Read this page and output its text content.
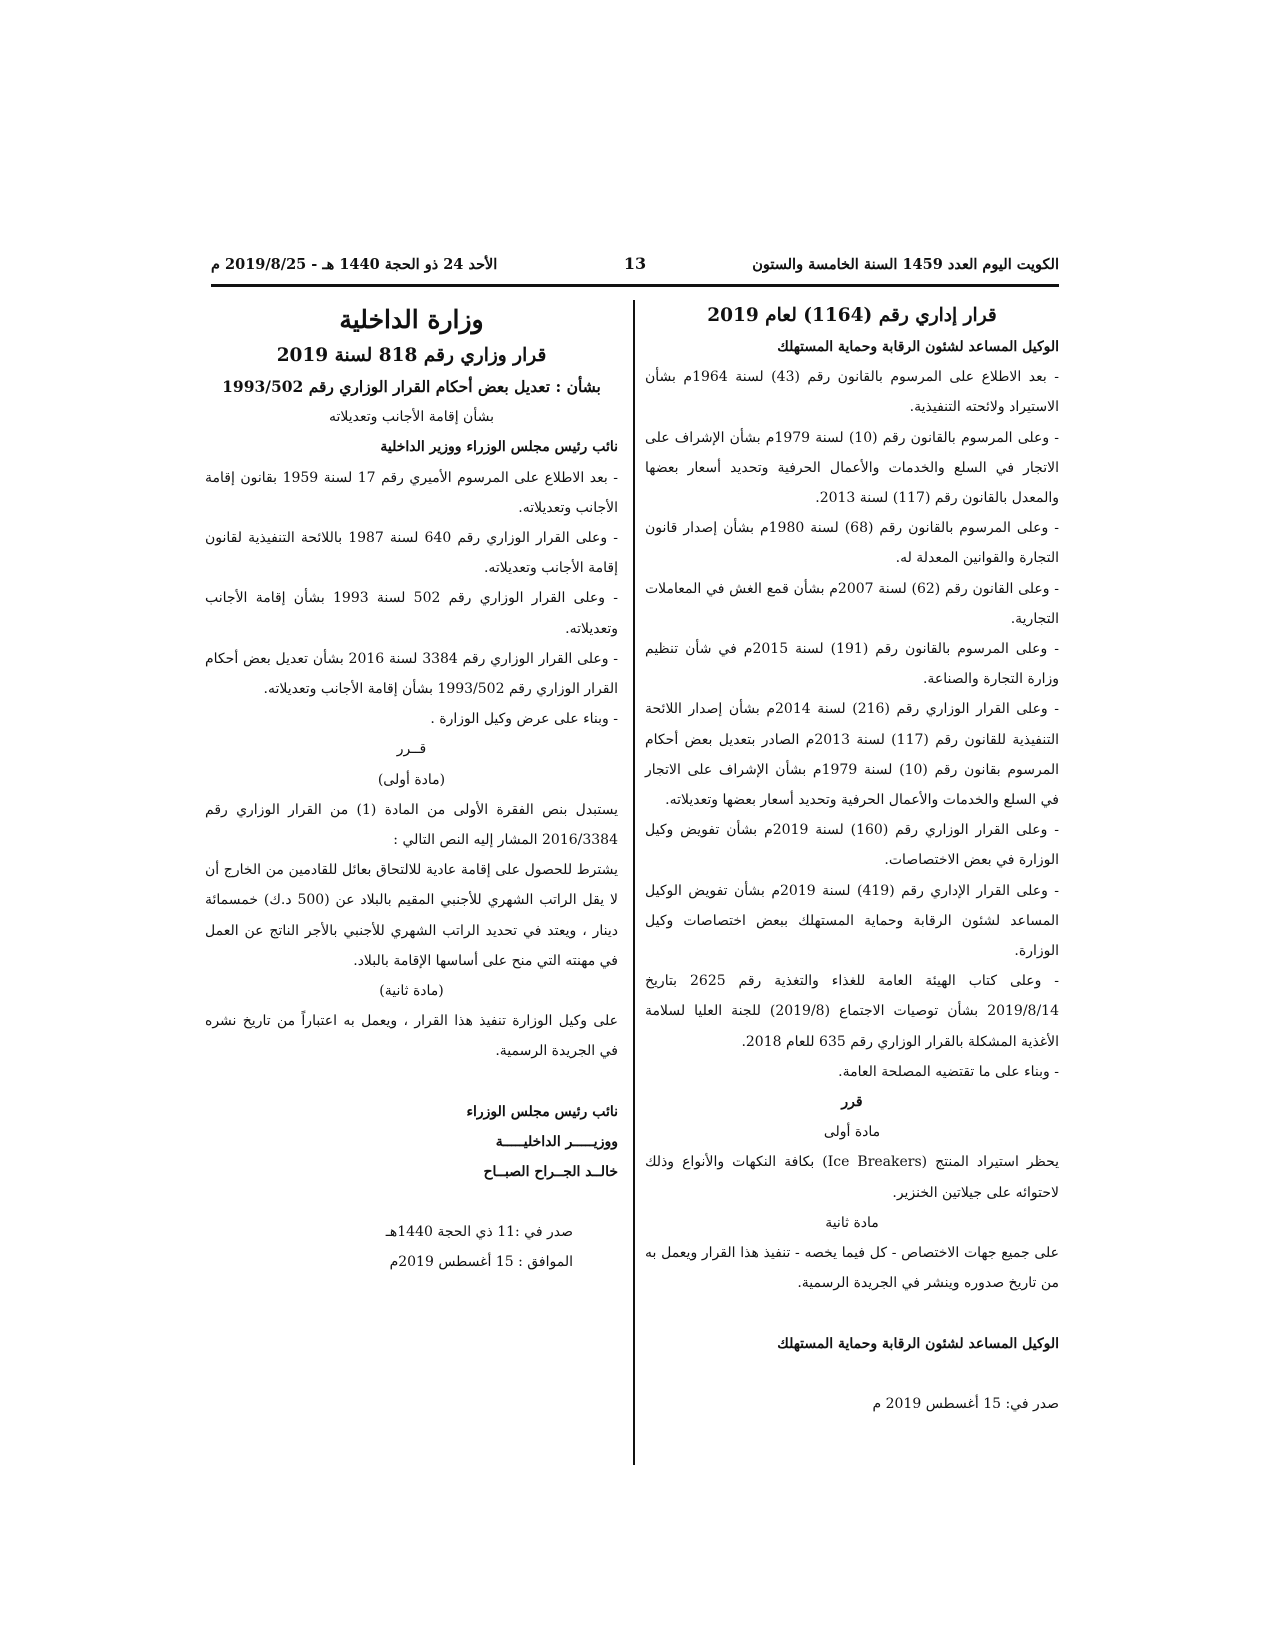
الكويت اليوم العدد 1459 السنة الخامسة والستون
13
الأحد 24 ذو الحجة 1440 هـ - 2019/8/25 م

قرار إداري رقم (1164) لعام 2019

الوكيل المساعد لشئون الرقابة وحماية المستهلك

- بعد الاطلاع على المرسوم بالقانون رقم (43) لسنة 1964م بشأن الاستيراد ولائحته التنفيذية.

- وعلى المرسوم بالقانون رقم (10) لسنة 1979م بشأن الإشراف على الاتجار في السلع والخدمات والأعمال الحرفية وتحديد أسعار بعضها والمعدل بالقانون رقم (117) لسنة 2013.

- وعلى المرسوم بالقانون رقم (68) لسنة 1980م بشأن إصدار قانون التجارة والقوانين المعدلة له.

- وعلى القانون رقم (62) لسنة 2007م بشأن قمع الغش في المعاملات التجارية.

- وعلى المرسوم بالقانون رقم (191) لسنة 2015م في شأن تنظيم وزارة التجارة والصناعة.

- وعلى القرار الوزاري رقم (216) لسنة 2014م بشأن إصدار اللائحة التنفيذية للقانون رقم (117) لسنة 2013م الصادر بتعديل بعض أحكام المرسوم بقانون رقم (10) لسنة 1979م بشأن الإشراف على الاتجار في السلع والخدمات والأعمال الحرفية وتحديد أسعار بعضها وتعديلاته.

- وعلى القرار الوزاري رقم (160) لسنة 2019م بشأن تفويض وكيل الوزارة في بعض الاختصاصات.

- وعلى القرار الإداري رقم (419) لسنة 2019م بشأن تفويض الوكيل المساعد لشئون الرقابة وحماية المستهلك ببعض اختصاصات وكيل الوزارة.

- وعلى كتاب الهيئة العامة للغذاء والتغذية رقم 2625 بتاريخ 2019/8/14 بشأن توصيات الاجتماع (2019/8) للجنة العليا لسلامة الأغذية المشكلة بالقرار الوزاري رقم 635 للعام 2018.

- وبناء على ما تقتضيه المصلحة العامة.

قرر

مادة أولى

يحظر استيراد المنتج (Ice Breakers) بكافة النكهات والأنواع وذلك لاحتوائه على جيلاتين الخنزير.

مادة ثانية

على جميع جهات الاختصاص - كل فيما يخصه - تنفيذ هذا القرار ويعمل به من تاريخ صدوره وينشر في الجريدة الرسمية.

الوكيل المساعد لشئون الرقابة وحماية المستهلك

صدر في: 15 أغسطس 2019 م

وزارة الداخلية

قرار وزاري رقم 818 لسنة 2019

بشأن : تعديل بعض أحكام القرار الوزاري رقم 1993/502

بشأن إقامة الأجانب وتعديلاته

نائب رئيس مجلس الوزراء ووزير الداخلية

- بعد الاطلاع على المرسوم الأميري رقم 17 لسنة 1959 بقانون إقامة الأجانب وتعديلاته.

- وعلى القرار الوزاري رقم 640 لسنة 1987 باللائحة التنفيذية لقانون إقامة الأجانب وتعديلاته.

- وعلى القرار الوزاري رقم 502 لسنة 1993 بشأن إقامة الأجانب وتعديلاته.

- وعلى القرار الوزاري رقم 3384 لسنة 2016 بشأن تعديل بعض أحكام القرار الوزاري رقم 1993/502 بشأن إقامة الأجانب وتعديلاته.

- وبناء على عرض وكيل الوزارة .

قــرر

(مادة أولى)

يستبدل بنص الفقرة الأولى من المادة (1) من القرار الوزاري رقم 2016/3384 المشار إليه النص التالي :

يشترط للحصول على إقامة عادية للالتحاق بعائل للقادمين من الخارج أن لا يقل الراتب الشهري للأجنبي المقيم بالبلاد عن (500 د.ك) خمسمائة دينار ، ويعتد في تحديد الراتب الشهري للأجنبي بالأجر الناتج عن العمل في مهنته التي منح على أساسها الإقامة بالبلاد.

(مادة ثانية)

على وكيل الوزارة تنفيذ هذا القرار ، ويعمل به اعتباراً من تاريخ نشره في الجريدة الرسمية.

نائب رئيس مجلس الوزراء

ووزيـــــر الداخليـــــة

خالــد الجــراح الصبــاح

صدر في :11 ذي الحجة 1440هـ

الموافق : 15 أغسطس 2019م
